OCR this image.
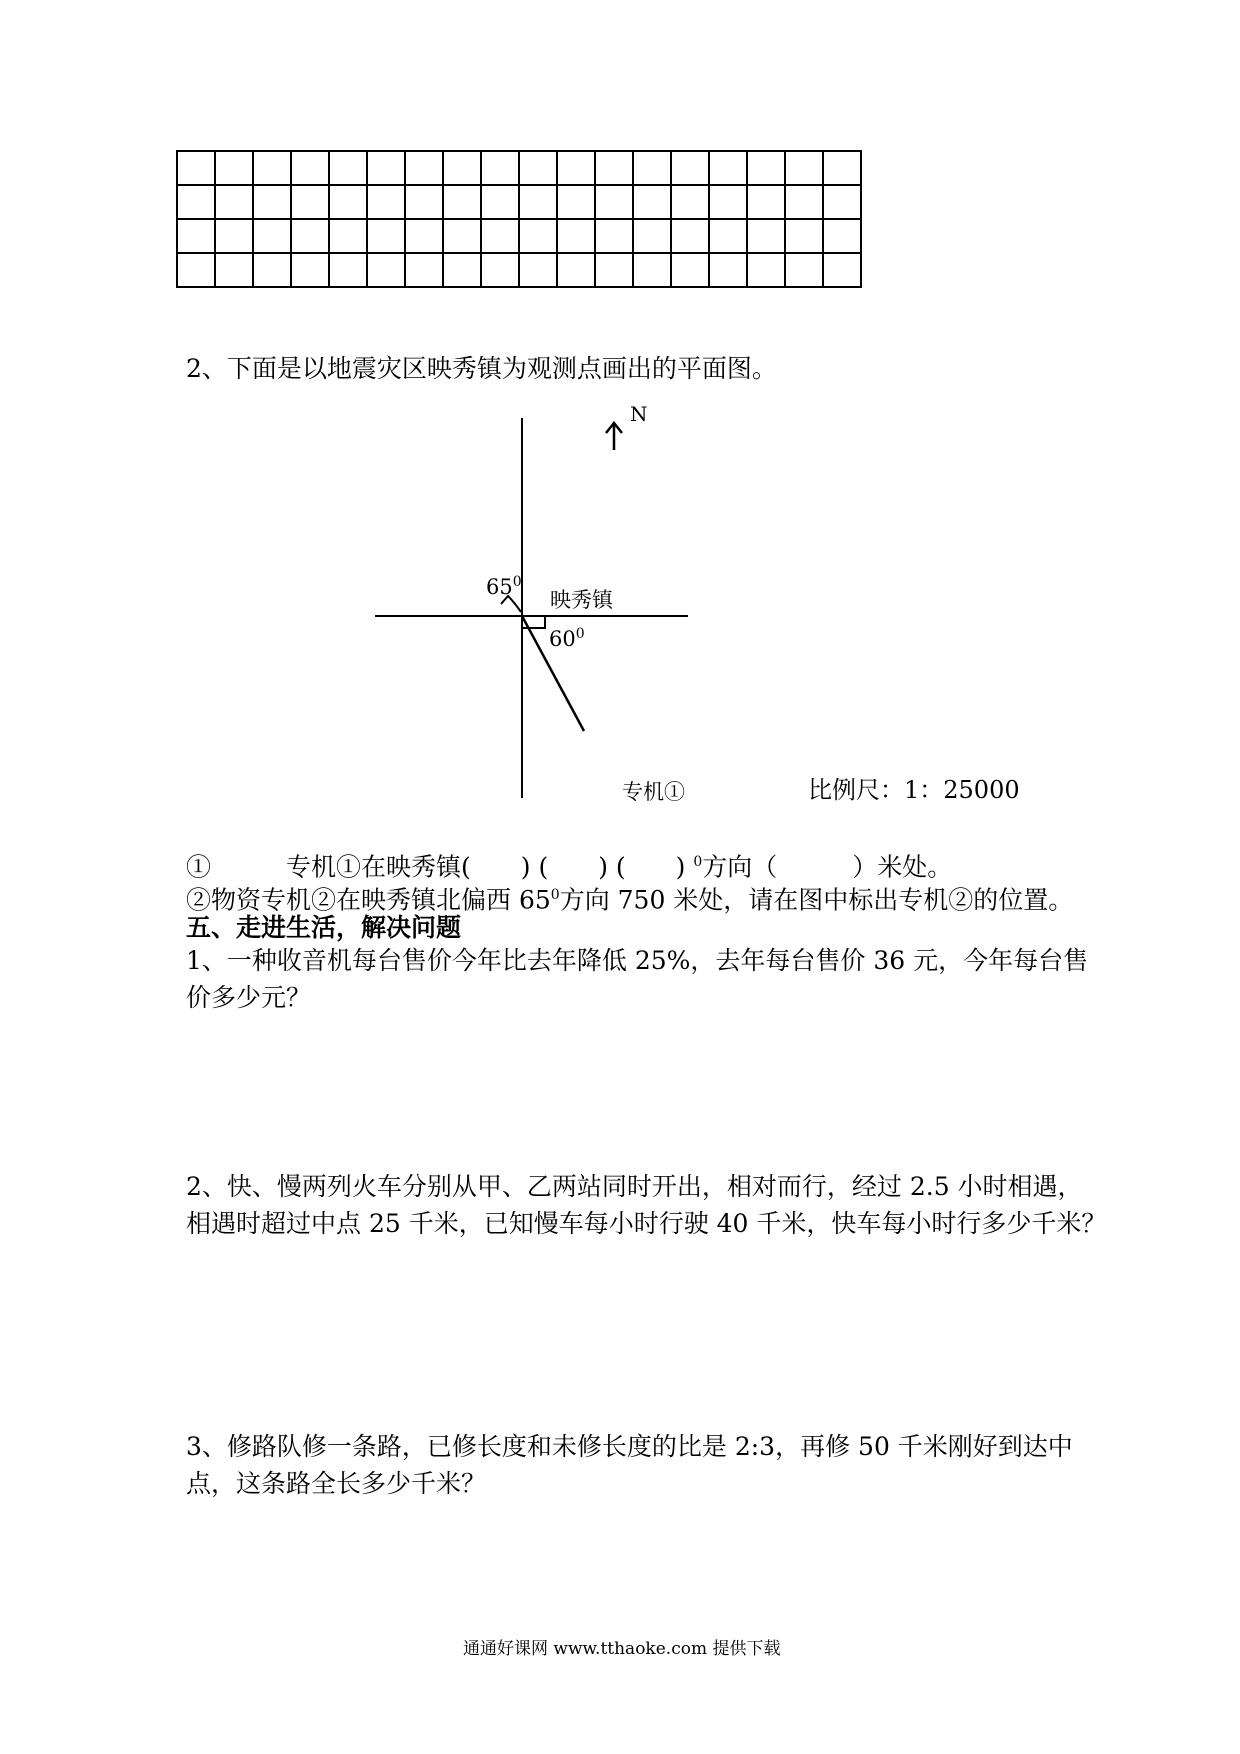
2、下面是以地震灾区映秀镇为观测点画出的平面图。
N
$65^0$
映秀镇
$60^0$
专机①	比例尺：1：25000
①　　　专机①在映秀镇(　　) (　　) (　　) $^0$方向（　　　）米处。
②物资专机②在映秀镇北偏西 $65^0$方向 750 米处，请在图中标出专机②的位置。
五、走进生活，解决问题
1、一种收音机每台售价今年比去年降低 25%，去年每台售价 36 元，今年每台售
价多少元？
2、快、慢两列火车分别从甲、乙两站同时开出，相对而行，经过 2.5 小时相遇，
相遇时超过中点 25 千米，已知慢车每小时行驶 40 千米，快车每小时行多少千米？
3、修路队修一条路，已修长度和未修长度的比是 2:3，再修 50 千米刚好到达中
点，这条路全长多少千米？
通通好课网 www.tthaoke.com 提供下载
